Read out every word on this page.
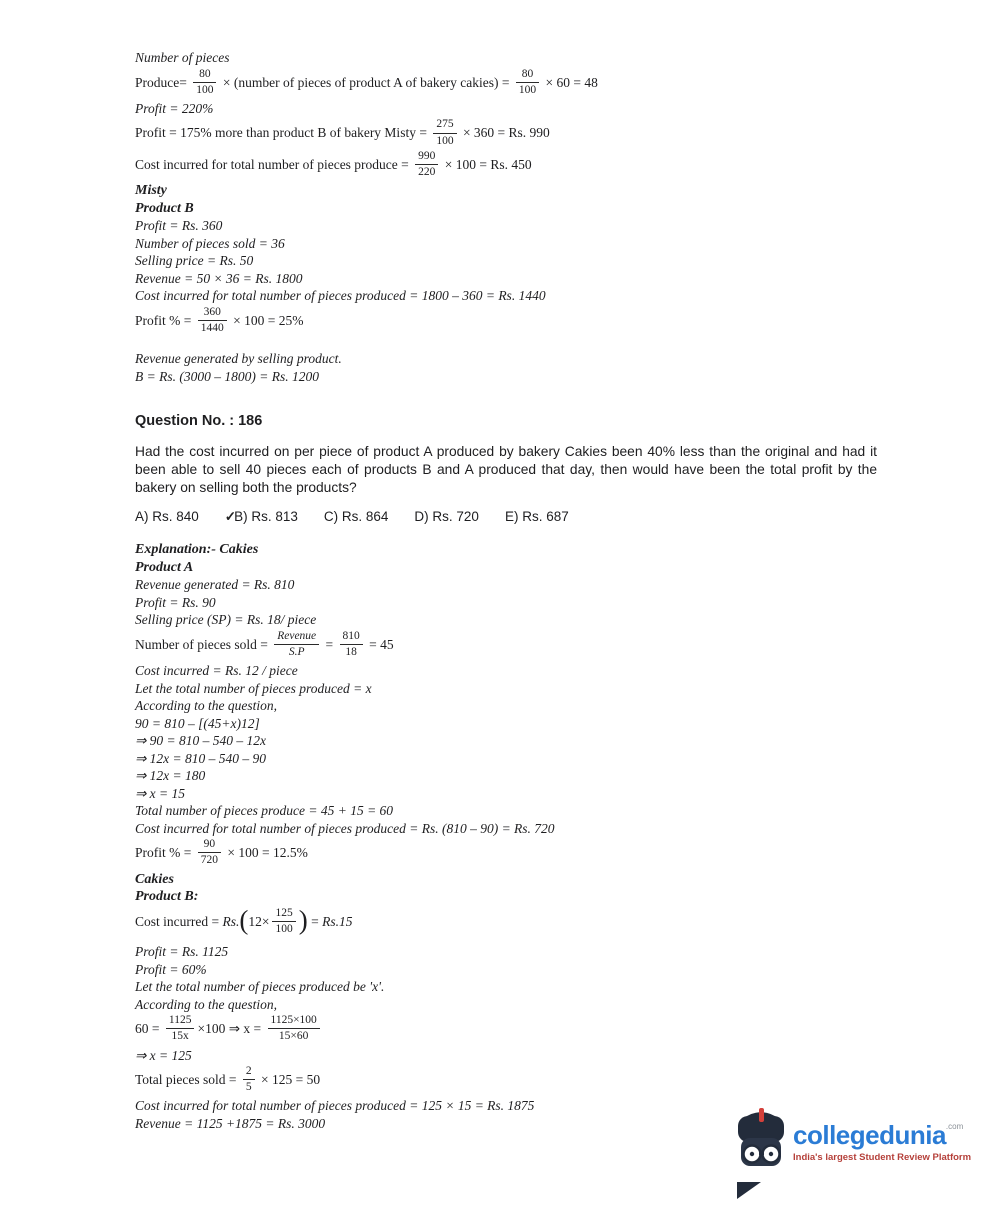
Number of pieces
Produce= $\frac{80}{100}$ × (number of pieces of product A of bakery cakies) = $\frac{80}{100} \times 60 = 48$
Profit = 220%
Profit = 175% more than product B of bakery Misty = $\frac{275}{100} \times 360 = Rs$. 990
Cost incurred for total number of pieces produce = $\frac{990}{220} \times 100 = Rs$. 450
Misty
Product B
Profit = Rs. 360
Number of pieces sold = 36
Selling price = Rs. 50
Revenue = 50 × 36 = Rs. 1800
Cost incurred for total number of pieces produced = 1800 – 360 = Rs. 1440
Profit % = $\frac{360}{1440} \times 100 = 25\%$
Revenue generated by selling product.
B = Rs. (3000 – 1800) = Rs. 1200
Question No. : 186
Had the cost incurred on per piece of product A produced by bakery Cakies been 40% less than the original and had it been able to sell 40 pieces each of products B and A produced that day, then would have been the total profit by the bakery on selling both the products?
A) Rs. 840 ✓B) Rs. 813 C) Rs. 864 D) Rs. 720 E) Rs. 687
Explanation:- Cakies
Product A
Revenue generated = Rs. 810
Profit = Rs. 90
Selling price (SP) = Rs. 18/ piece
Number of pieces sold =
Revenue
S.P
= $\frac{810}{18} = 45$
Cost incurred = Rs. 12 / piece
Let the total number of pieces produced = x
According to the question,
90 = 810 – [(45+x)12]
⇒ 90 = 810 – 540 – 12x
⇒ 12x = 810 – 540 – 90
⇒ 12x = 180
⇒ x = 15
Total number of pieces produce = 45 + 15 = 60
Cost incurred for total number of pieces produced = Rs. (810 – 90) = Rs. 720
Profit % = $\frac{90}{720} \times 100 = 12.5\%$
Cakies
Product B:
Cost incurred = $Rs.(12\times \frac{125}{100}$ ) = Rs.15
Profit = Rs. 1125
Profit = 60%
Let the total number of pieces produced be 'x'.
According to the question,
$60 = \frac{1125}{15x} \times 100$ ⇒ $x = \frac{1125\times 100}{15\times 60}$
⇒ x = 125
Total pieces sold = $\frac{2}{5} \times 125 = 50$
Cost incurred for total number of pieces produced = 125 × 15 = Rs. 1875
Revenue = 1125 +1875 = Rs. 3000	collegedunia$^{.com}$
India's largest Student Review Platform
